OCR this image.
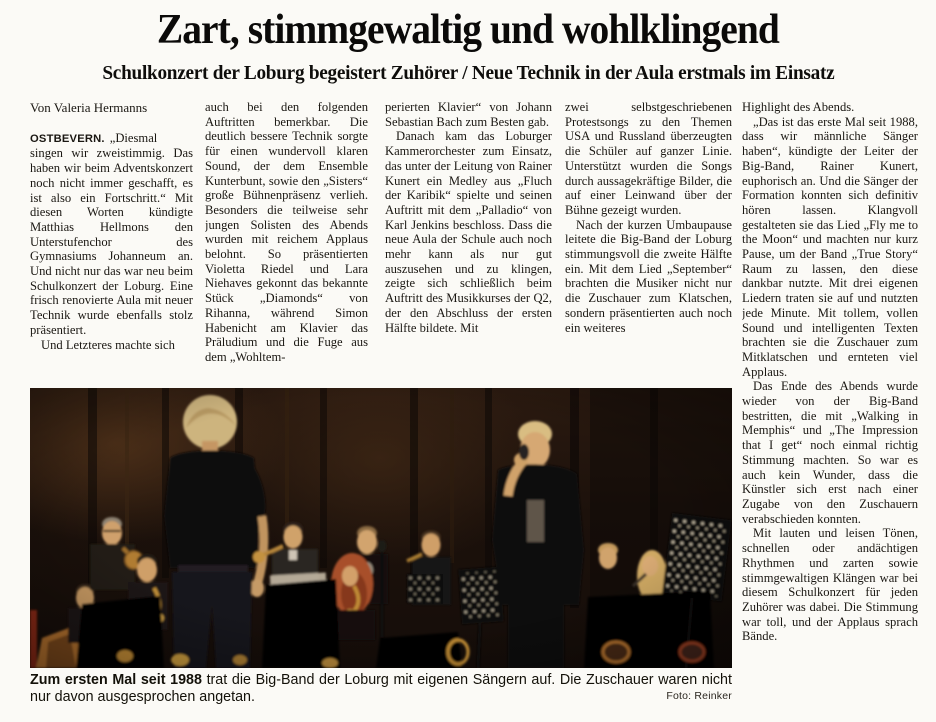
Zart, stimmgewaltig und wohlklingend
Schulkonzert der Loburg begeistert Zuhörer / Neue Technik in der Aula erstmals im Einsatz
Von Valeria Hermanns

OSTBEVERN. „Diesmal singen wir zweistimmig. Das haben wir beim Adventskonzert noch nicht immer geschafft, es ist also ein Fortschritt.“ Mit diesen Worten kündigte Matthias Hellmons den Unterstufenchor des Gymnasiums Johanneum an. Und nicht nur das war neu beim Schulkonzert der Loburg. Eine frisch renovierte Aula mit neuer Technik wurde ebenfalls stolz präsentiert.

Und Letzteres machte sich

auch bei den folgenden Auftritten bemerkbar. Die deutlich bessere Technik sorgte für einen wundervoll klaren Sound, der dem Ensemble Kunterbunt, sowie den „Sisters“ große Bühnenpräsenz verlieh. Besonders die teilweise sehr jungen Solisten des Abends wurden mit reichem Applaus belohnt. So präsentierten Violetta Riedel und Lara Niehaves gekonnt das bekannte Stück „Diamonds“ von Rihanna, während Simon Habenicht am Klavier das Präludium und die Fuge aus dem „Wohltem-

perierten Klavier“ von Johann Sebastian Bach zum Besten gab.

Danach kam das Loburger Kammerorchester zum Einsatz, das unter der Leitung von Rainer Kunert ein Medley aus „Fluch der Karibik“ spielte und seinen Auftritt mit dem „Palladio“ von Karl Jenkins beschloss. Dass die neue Aula der Schule auch noch mehr kann als nur gut auszusehen und zu klingen, zeigte sich schließlich beim Auftritt des Musikkurses der Q2, der den Abschluss der ersten Hälfte bildete. Mit

zwei selbstgeschriebenen Protestsongs zu den Themen USA und Russland überzeugten die Schüler auf ganzer Linie. Unterstützt wurden die Songs durch aussagekräftige Bilder, die auf einer Leinwand über der Bühne gezeigt wurden.

Nach der kurzen Umbaupause leitete die Big-Band der Loburg stimmungsvoll die zweite Hälfte ein. Mit dem Lied „September“ brachten die Musiker nicht nur die Zuschauer zum Klatschen, sondern präsentierten auch noch ein weiteres

Highlight des Abends.

„Das ist das erste Mal seit 1988, dass wir männliche Sänger haben“, kündigte der Leiter der Big-Band, Rainer Kunert, euphorisch an. Und die Sänger der Formation konnten sich definitiv hören lassen. Klangvoll gestalteten sie das Lied „Fly me to the Moon“ und machten nur kurz Pause, um der Band „True Story“ Raum zu lassen, den diese dankbar nutzte. Mit drei eigenen Liedern traten sie auf und nutzten jede Minute. Mit tollem, vollen Sound und intelligenten Texten brachten sie die Zuschauer zum Mitklatschen und ernteten viel Applaus.

Das Ende des Abends wurde wieder von der Big-Band bestritten, die mit „Walking in Memphis“ und „The Impression that I get“ noch einmal richtig Stimmung machten. So war es auch kein Wunder, dass die Künstler sich erst nach einer Zugabe von den Zuschauern verabschieden konnten.

Mit lauten und leisen Tönen, schnellen oder andächtigen Rhythmen und zarten sowie stimmgewaltigen Klängen war bei diesem Schulkonzert für jeden Zuhörer was dabei. Die Stimmung war toll, und der Applaus sprach Bände.

Zum ersten Mal seit 1988 trat die Big-Band der Loburg mit eigenen Sängern auf. Die Zuschauer waren nicht nur davon ausgesprochen angetan.	Foto: Reinker
